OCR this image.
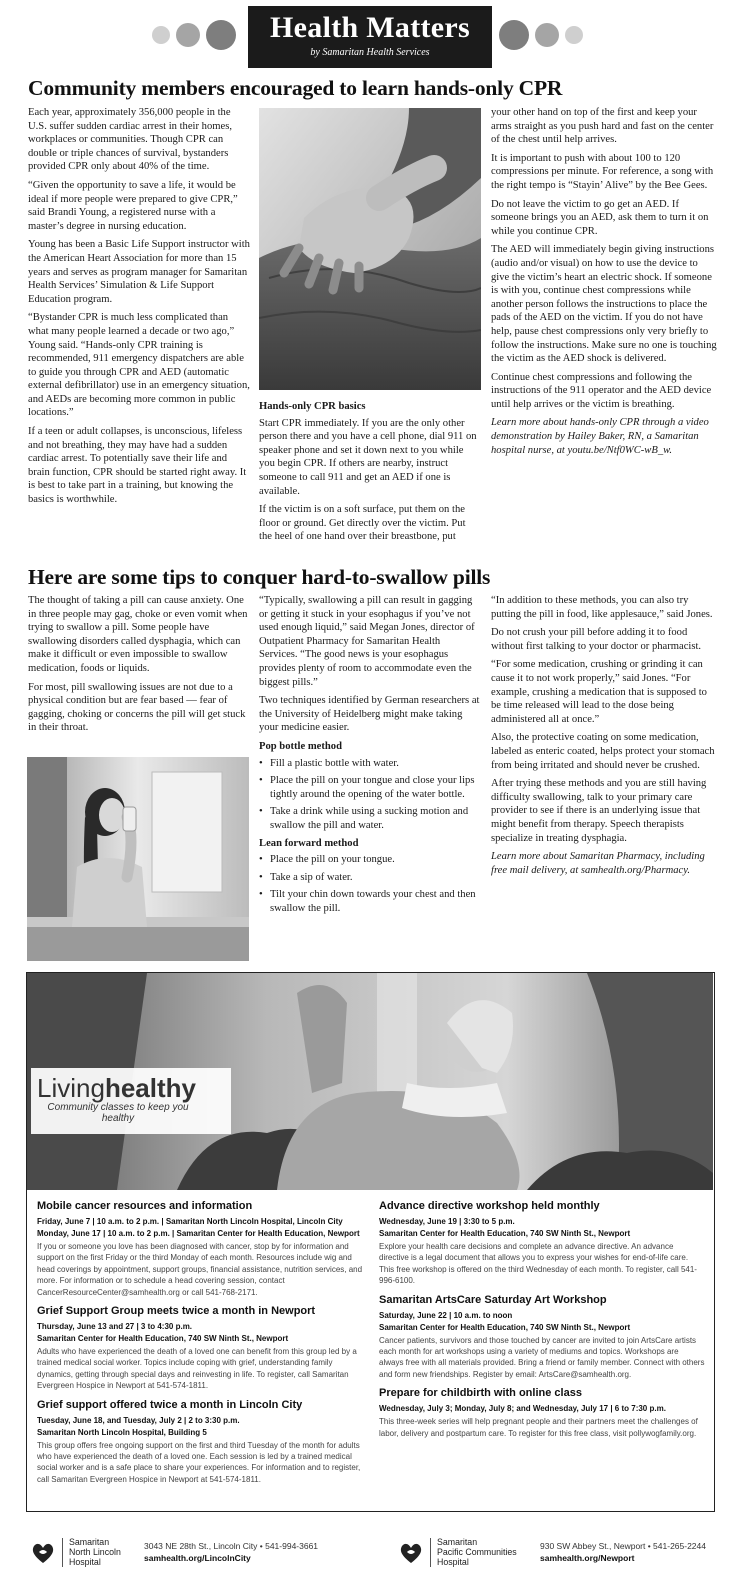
Health Matters
by Samaritan Health Services
Community members encouraged to learn hands-only CPR

Each year, approximately 356,000 people in the U.S. suffer sudden cardiac arrest in their homes, workplaces or communities. Though CPR can double or triple chances of survival, bystanders provided CPR only about 40% of the time.

“Given the opportunity to save a life, it would be ideal if more people were prepared to give CPR,” said Brandi Young, a registered nurse with a master’s degree in nursing education.

Young has been a Basic Life Support instructor with the American Heart Association for more than 15 years and serves as program manager for Samaritan Health Services’ Simulation & Life Support Education program.

“Bystander CPR is much less complicated than what many people learned a decade or two ago,” Young said. “Hands-only CPR training is recommended, 911 emergency dispatchers are able to guide you through CPR and AED (automatic external defibrillator) use in an emergency situation, and AEDs are becoming more common in public locations.”

If a teen or adult collapses, is unconscious, lifeless and not breathing, they may have had a sudden cardiac arrest. To potentially save their life and brain function, CPR should be started right away. It is best to take part in a training, but knowing the basics is worthwhile.

Hands-only CPR basics

Start CPR immediately. If you are the only other person there and you have a cell phone, dial 911 on speaker phone and set it down next to you while you begin CPR. If others are nearby, instruct someone to call 911 and get an AED if one is available.

If the victim is on a soft surface, put them on the floor or ground. Get directly over the victim. Put the heel of one hand over their breastbone, put

your other hand on top of the first and keep your arms straight as you push hard and fast on the center of the chest until help arrives.

It is important to push with about 100 to 120 compressions per minute. For reference, a song with the right tempo is “Stayin’ Alive” by the Bee Gees.

Do not leave the victim to go get an AED. If someone brings you an AED, ask them to turn it on while you continue CPR.

The AED will immediately begin giving instructions (audio and/or visual) on how to use the device to give the victim’s heart an electric shock. If someone is with you, continue chest compressions while another person follows the instructions to place the pads of the AED on the victim. If you do not have help, pause chest compressions only very briefly to follow the instructions. Make sure no one is touching the victim as the AED shock is delivered.

Continue chest compressions and following the instructions of the 911 operator and the AED device until help arrives or the victim is breathing.

Learn more about hands-only CPR through a video demonstration by Hailey Baker, RN, a Samaritan hospital nurse, at youtu.be/Ntf0WC-wB_w.

Here are some tips to conquer hard-to-swallow pills

The thought of taking a pill can cause anxiety. One in three people may gag, choke or even vomit when trying to swallow a pill. Some people have swallowing disorders called dysphagia, which can make it difficult or even impossible to swallow medication, foods or liquids.

For most, pill swallowing issues are not due to a physical condition but are fear based — fear of gagging, choking or concerns the pill will get stuck in their throat.

“Typically, swallowing a pill can result in gagging or getting it stuck in your esophagus if you’ve not used enough liquid,” said Megan Jones, director of Outpatient Pharmacy for Samaritan Health Services. “The good news is your esophagus provides plenty of room to accommodate even the biggest pills.”

Two techniques identified by German researchers at the University of Heidelberg might make taking your medicine easier.

Pop bottle method
• Fill a plastic bottle with water.
• Place the pill on your tongue and close your lips tightly around the opening of the water bottle.
• Take a drink while using a sucking motion and swallow the pill and water.
Lean forward method
• Place the pill on your tongue.
• Take a sip of water.
• Tilt your chin down towards your chest and then swallow the pill.

“In addition to these methods, you can also try putting the pill in food, like applesauce,” said Jones.

Do not crush your pill before adding it to food without first talking to your doctor or pharmacist.

“For some medication, crushing or grinding it can cause it to not work properly,” said Jones. “For example, crushing a medication that is supposed to be time released will lead to the dose being administered all at once.”

Also, the protective coating on some medication, labeled as enteric coated, helps protect your stomach from being irritated and should never be crushed.

After trying these methods and you are still having difficulty swallowing, talk to your primary care provider to see if there is an underlying issue that might benefit from therapy. Speech therapists specialize in treating dysphagia.

Learn more about Samaritan Pharmacy, including free mail delivery, at samhealth.org/Pharmacy.

Livinghealthy
Community classes to keep you healthy
Mobile cancer resources and information
Friday, June 7 | 10 a.m. to 2 p.m. | Samaritan North Lincoln Hospital, Lincoln City
Monday, June 17 | 10 a.m. to 2 p.m. | Samaritan Center for Health Education, Newport
If you or someone you love has been diagnosed with cancer, stop by for information and support on the first Friday or the third Monday of each month. Resources include wig and head coverings by appointment, support groups, financial assistance, nutrition services, and more. For information or to schedule a head covering session, contact CancerResourceCenter@samhealth.org or call 541-768-2171.
Grief Support Group meets twice a month in Newport
Thursday, June 13 and 27 | 3 to 4:30 p.m.
Samaritan Center for Health Education, 740 SW Ninth St., Newport
Adults who have experienced the death of a loved one can benefit from this group led by a trained medical social worker. Topics include coping with grief, understanding family dynamics, getting through special days and reinvesting in life. To register, call Samaritan Evergreen Hospice in Newport at 541-574-1811.
Grief support offered twice a month in Lincoln City
Tuesday, June 18, and Tuesday, July 2 | 2 to 3:30 p.m.
Samaritan North Lincoln Hospital, Building 5
This group offers free ongoing support on the first and third Tuesday of the month for adults who have experienced the death of a loved one. Each session is led by a trained medical social worker and is a safe place to share your experiences. For information and to register, call Samaritan Evergreen Hospice in Newport at 541-574-1811.
Advance directive workshop held monthly
Wednesday, June 19 | 3:30 to 5 p.m.
Samaritan Center for Health Education, 740 SW Ninth St., Newport
Explore your health care decisions and complete an advance directive. An advance directive is a legal document that allows you to express your wishes for end-of-life care. This free workshop is offered on the third Wednesday of each month. To register, call 541-996-6100.
Samaritan ArtsCare Saturday Art Workshop
Saturday, June 22 | 10 a.m. to noon
Samaritan Center for Health Education, 740 SW Ninth St., Newport
Cancer patients, survivors and those touched by cancer are invited to join ArtsCare artists each month for art workshops using a variety of mediums and topics. Workshops are always free with all materials provided. Bring a friend or family member. Connect with others and form new friendships. Register by email: ArtsCare@samhealth.org.
Prepare for childbirth with online class
Wednesday, July 3; Monday, July 8; and Wednesday, July 17 | 6 to 7:30 p.m.
This three-week series will help pregnant people and their partners meet the challenges of labor, delivery and postpartum care. To register for this free class, visit pollywogfamily.org.
Samaritan
North Lincoln
Hospital
3043 NE 28th St., Lincoln City • 541-994-3661
samhealth.org/LincolnCity
Samaritan
Pacific Communities
Hospital
930 SW Abbey St., Newport • 541-265-2244
samhealth.org/Newport
